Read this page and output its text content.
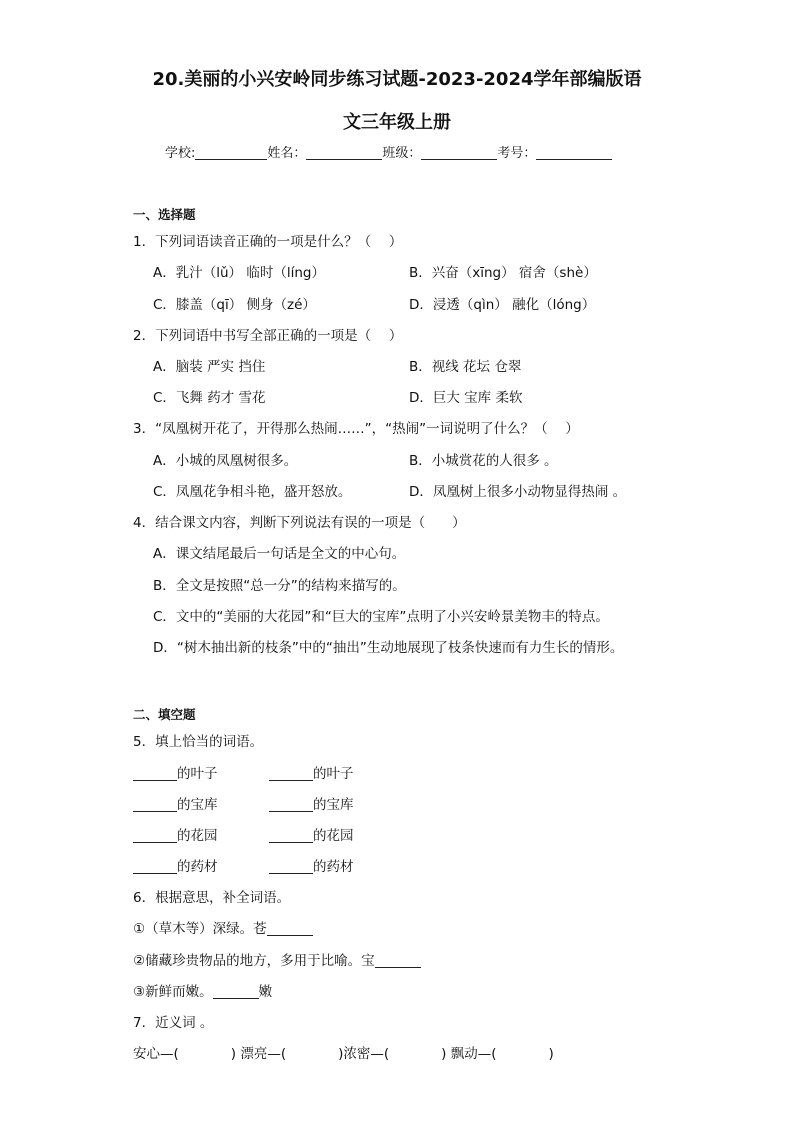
20.美丽的小兴安岭同步练习试题-2023-2024学年部编版语
文三年级上册
学校:	姓名：	班级：	考号：
一、选择题
1．下列词语读音正确的一项是什么？（　 ）
A．乳汁（lǔ） 临时（líng）	B．兴奋（xīng） 宿舍（shè）
C．膝盖（qī） 侧身（zé）	D．浸透（qìn） 融化（lóng）
2．下列词语中书写全部正确的一项是（　 ）
A．脑装 严实 挡住	B．视线 花坛 仓翠
C．飞舞 药才 雪花	D．巨大 宝库 柔软
3．“凤凰树开花了，开得那么热闹……”，“热闹”一词说明了什么？（　 ）
A．小城的凤凰树很多。	B．小城赏花的人很多 。
C．凤凰花争相斗艳，盛开怒放。	D．凤凰树上很多小动物显得热闹 。
4．结合课文内容，判断下列说法有误的一项是（　　）
A．课文结尾最后一句话是全文的中心句。
B．全文是按照“总一分”的结构来描写的。
C．文中的“美丽的大花园”和“巨大的宝库”点明了小兴安岭景美物丰的特点。
D．“树木抽出新的枝条”中的“抽出”生动地展现了枝条快速而有力生长的情形。
二、填空题
5．填上恰当的词语。
的叶子	的叶子
的宝库	的宝库
的花园	的花园
的药材	的药材
6．根据意思，补全词语。
①（草木等）深绿。苍
②储藏珍贵物品的地方，多用于比喻。宝
③新鲜而嫩。	嫩
7．近义词 。
安心—(	) 漂亮—(	)浓密—(	) 飘动—(	)
